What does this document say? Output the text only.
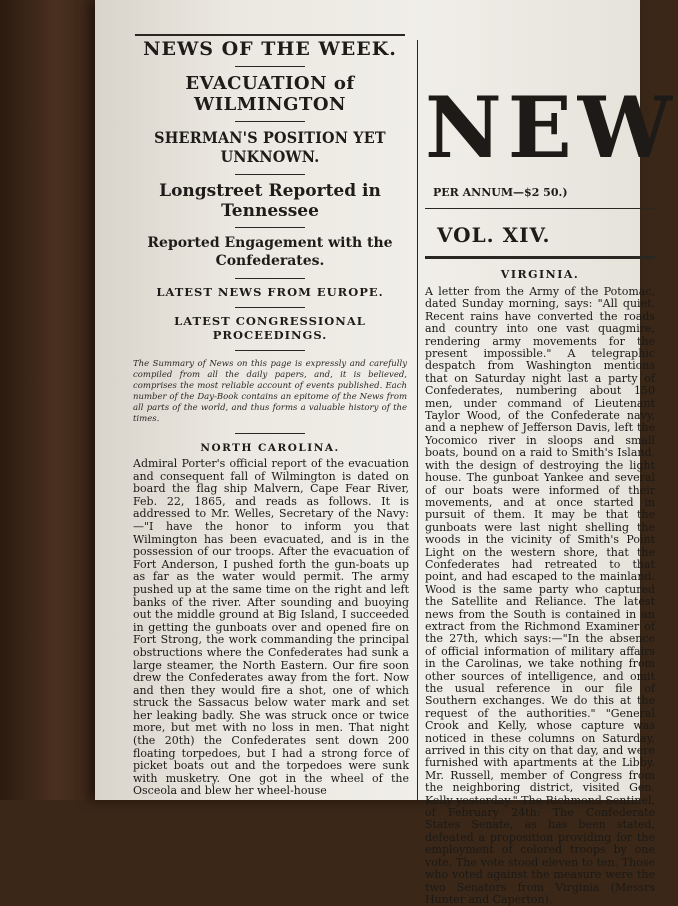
NEWS OF THE WEEK.
EVACUATION of WILMINGTON
SHERMAN'S POSITION YET UNKNOWN.
Longstreet Reported in Tennessee
Reported Engagement with the Confederates.
LATEST NEWS FROM EUROPE.
LATEST CONGRESSIONAL PROCEEDINGS.
The Summary of News on this page is expressly and carefully compiled from all the daily papers, and, it is believed, comprises the most reliable account of events published. Each number of the Day-Book contains an epitome of the News from all parts of the world, and thus forms a valuable history of the times.
NORTH CAROLINA.
Admiral Porter's official report of the evacuation and consequent fall of Wilmington is dated on board the flag ship Malvern, Cape Fear River, Feb. 22, 1865, and reads as follows. It is addressed to Mr. Welles, Secretary of the Navy:—"I have the honor to inform you that Wilmington has been evacuated, and is in the possession of our troops. After the evacuation of Fort Anderson, I pushed forth the gun-boats up as far as the water would permit. The army pushed up at the same time on the right and left banks of the river. After sounding and buoying out the middle ground at Big Island, I succeeded in getting the gunboats over and opened fire on Fort Strong, the work commanding the principal obstructions where the Confederates had sunk a large steamer, the North Eastern. Our fire soon drew the Confederates away from the fort. Now and then they would fire a shot, one of which struck the Sassacus below water mark and set her leaking badly. She was struck once or twice more, but met with no loss in men. That night (the 20th) the Confederates sent down 200 floating torpedoes, but I had a strong force of picket boats out and the torpedoes were sunk with musketry. One got in the wheel of the Osceola and blew her wheel-house
NEW
PER ANNUM—$2 50.)
VOL. XIV.
VIRGINIA.
A letter from the Army of the Potomac, dated Sunday morning, says: "All quiet. Recent rains have converted the roads and country into one vast quagmire, rendering army movements for the present impossible." A telegraphic despatch from Washington mentions that on Saturday night last a party of Confederates, numbering about 150 men, under command of Lieutenant Taylor Wood, of the Confederate navy, and a nephew of Jefferson Davis, left the Yocomico river in sloops and small boats, bound on a raid to Smith's Island, with the design of destroying the light house. The gunboat Yankee and several of our boats were informed of their movements, and at once started in pursuit of them. It may be that the gunboats were last night shelling the woods in the vicinity of Smith's Point Light on the western shore, that the Confederates had retreated to that point, and had escaped to the mainland. Wood is the same party who captured the Satellite and Reliance. The latest news from the South is contained in an extract from the Richmond Examiner of the 27th, which says:—"In the absence of official information of military affairs in the Carolinas, we take nothing from other sources of intelligence, and omit the usual reference in our file of Southern exchanges. We do this at the request of the authorities." "General Crook and Kelly, whose capture was noticed in these columns on Saturday, arrived in this city on that day, and were furnished with apartments at the Libby. Mr. Russell, member of Congress from the neighboring district, visited Gen. Kelly yesterday." The Richmond Sentinel, of February 24th: The Confederate States Senate, as has been stated, defeated a proposition providing for the employment of colored troops by one vote. The vote stood eleven to ten. Those who voted against the measure were the two Senators from Virginia (Messrs Hunter and Caperton).
